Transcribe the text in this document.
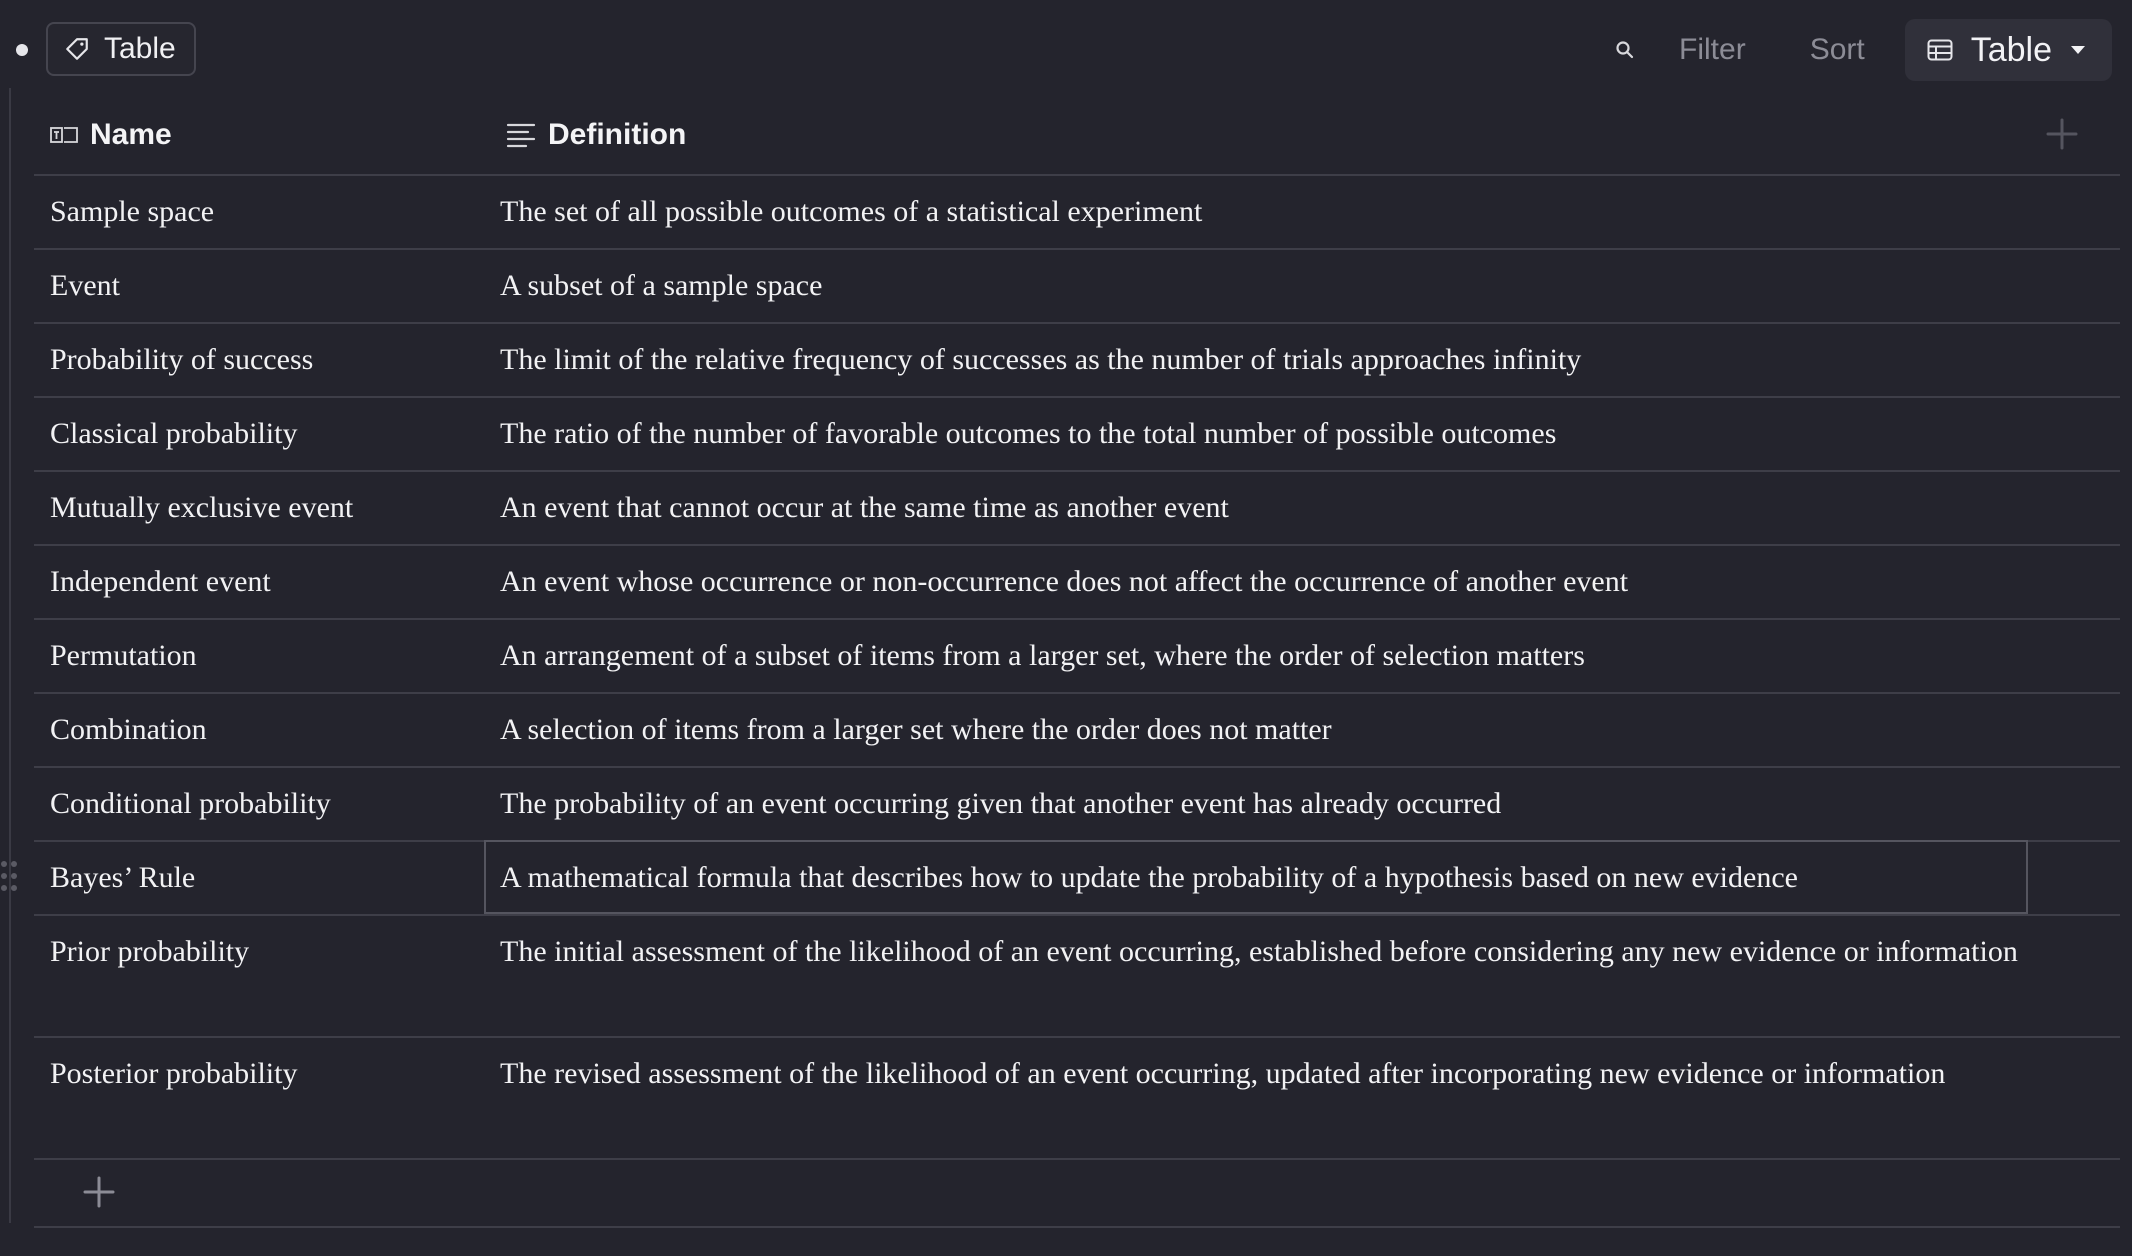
Table	Filter Sort	Table
Name	Definition
Sample space	The set of all possible outcomes of a statistical experiment
Event	A subset of a sample space
Probability of success	The limit of the relative frequency of successes as the number of trials approaches infinity
Classical probability	The ratio of the number of favorable outcomes to the total number of possible outcomes
Mutually exclusive event	An event that cannot occur at the same time as another event
Independent event	An event whose occurrence or non-occurrence does not affect the occurrence of another event
Permutation	An arrangement of a subset of items from a larger set, where the order of selection matters
Combination	A selection of items from a larger set where the order does not matter
Conditional probability	The probability of an event occurring given that another event has already occurred
Bayes’ Rule	A mathematical formula that describes how to update the probability of a hypothesis based on new evidence
Prior probability	The initial assessment of the likelihood of an event occurring, established before considering any new evidence or information
Posterior probability	The revised assessment of the likelihood of an event occurring, updated after incorporating new evidence or information
